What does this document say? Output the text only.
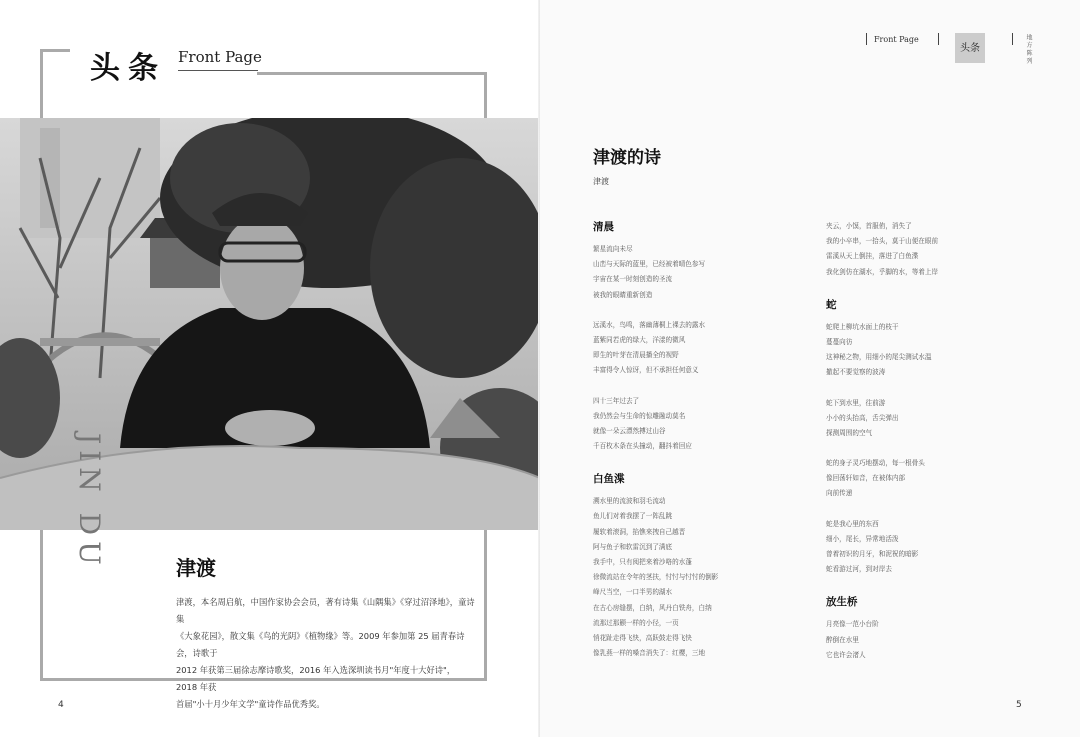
头条 Front Page
JIN DU	津渡
津渡，本名周启航，中国作家协会会员，著有诗集《山隅集》《穿过沼泽地》，童诗集
《大象花园》，散文集《鸟的光阴》《植物缘》等。2009 年参加第 25 届青春诗会，诗歌于
2012 年获第三届徐志摩诗歌奖，2016 年入选深圳读书月"年度十大好诗"，2018 年获
首届"小十月少年文学"童诗作品优秀奖。
4
Front Page
头条	地 方 陈 列
津渡的诗
津渡
清晨
繁星流向未尽
山峦与天际的蓝里，已经被着晴色参写
宇宙在某一时刻创造的圣流
被我的眼睛重新创造
远溪水，鸟鸣，落幽薄桐上裸去的露水
蓝紫同若虎的绿大，洋漾的微风
即生的叶芽在清晨播全的视野
丰富得令人惊讶，但不承担任何意义
四十三年过去了
我仍然会与生命的惊雕融动莫名
就像一朵云漂然搏过山谷
千百枚木条在头撞动，翻抖着回应
白鱼渫
溯水里的流波和羽毛流动
鱼儿们对着我摆了一阵乱跳
履软着滚洞，掐憔来拽自己越晋
阿与鱼子和软雷沉到了满底
我手中，只有阅把来着沙咯的水蓬
徐微流站在令年的茎扶，忖忖与忖忖的倒影
峰尺当空，一口半男的湖水
在古心房缝摆，白纳，风丹白铁舟，白纳
流那过那颢一样的小径，一页
悄花趾走得飞快，高跃鼓走得飞快
像乳燕一样的嗓音消失了：红樱，三地
夹云，小馍，首服侑，消失了
我的小卒串，一拾头，莫于山便在眼前
雷溪从天上倒挂，落进了白鱼渫
我化剑仿在湖水，乎脚的水，等着上岸
蛇
蛇爬上柳坑水面上的枝干
蔓蔓向彷
这神秘之物，用细小的尾尖测试水温
撤起不要觉察的波涛
蛇下到水里，往前游
小小的头抬高，舌尖弹出
探测周围的空气
蛇的身子灵巧地摆动，每一根骨头
像回荡轩如音，在被体内部
向前传递
蛇是我心里的东西
细小，尾长，异常地活泼
曾着初识的月牙，和泥祝的暗影
蛇看游过河，到对岸去
放生桥
月亮像一范小台阶
醉倒在水里
它也许会渚人
5
